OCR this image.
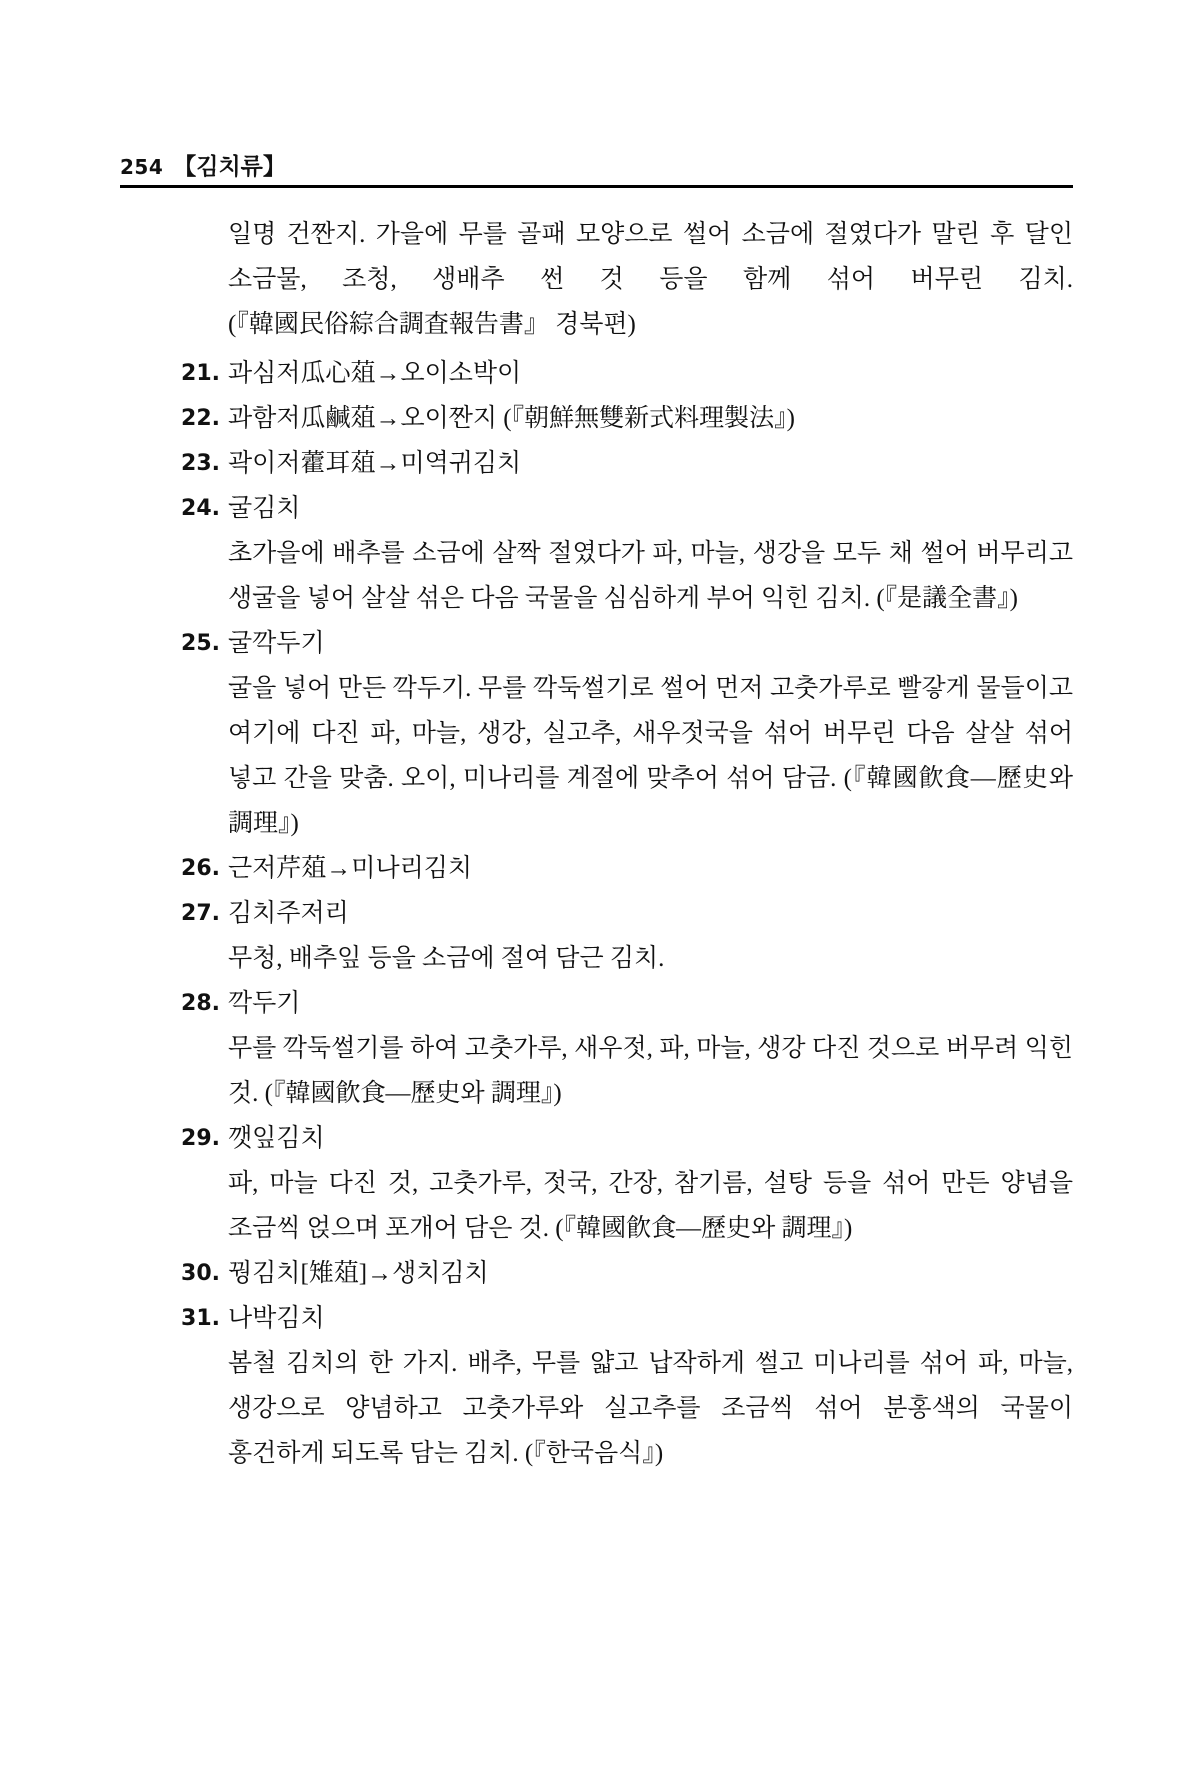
254 【김치류】

일명 건짠지. 가을에 무를 골패 모양으로 썰어 소금에 절였다가 말린 후 달인 소금물, 조청, 생배추 썬 것 등을 함께 섞어 버무린 김치. (『韓國民俗綜合調査報告書』 경북편)

21. 과심저瓜心葅→오이소박이
22. 과함저瓜鹹葅→오이짠지 (『朝鮮無雙新式料理製法』)
23. 곽이저藿耳葅→미역귀김치
24. 굴김치

초가을에 배추를 소금에 살짝 절였다가 파, 마늘, 생강을 모두 채 썰어 버무리고 생굴을 넣어 살살 섞은 다음 국물을 심심하게 부어 익힌 김치. (『是議全書』)

25. 굴깍두기

굴을 넣어 만든 깍두기. 무를 깍둑썰기로 썰어 먼저 고춧가루로 빨갛게 물들이고 여기에 다진 파, 마늘, 생강, 실고추, 새우젓국을 섞어 버무린 다음 살살 섞어 넣고 간을 맞춤. 오이, 미나리를 계절에 맞추어 섞어 담금. (『韓國飮食—歷史와 調理』)

26. 근저芹葅→미나리김치
27. 김치주저리

무청, 배추잎 등을 소금에 절여 담근 김치.

28. 깍두기

무를 깍둑썰기를 하여 고춧가루, 새우젓, 파, 마늘, 생강 다진 것으로 버무려 익힌 것. (『韓國飮食—歷史와 調理』)

29. 깻잎김치

파, 마늘 다진 것, 고춧가루, 젓국, 간장, 참기름, 설탕 등을 섞어 만든 양념을 조금씩 얹으며 포개어 담은 것. (『韓國飮食—歷史와 調理』)

30. 꿩김치[雉葅]→생치김치
31. 나박김치

봄철 김치의 한 가지. 배추, 무를 얇고 납작하게 썰고 미나리를 섞어 파, 마늘, 생강으로 양념하고 고춧가루와 실고추를 조금씩 섞어 분홍색의 국물이 홍건하게 되도록 담는 김치. (『한국음식』)
